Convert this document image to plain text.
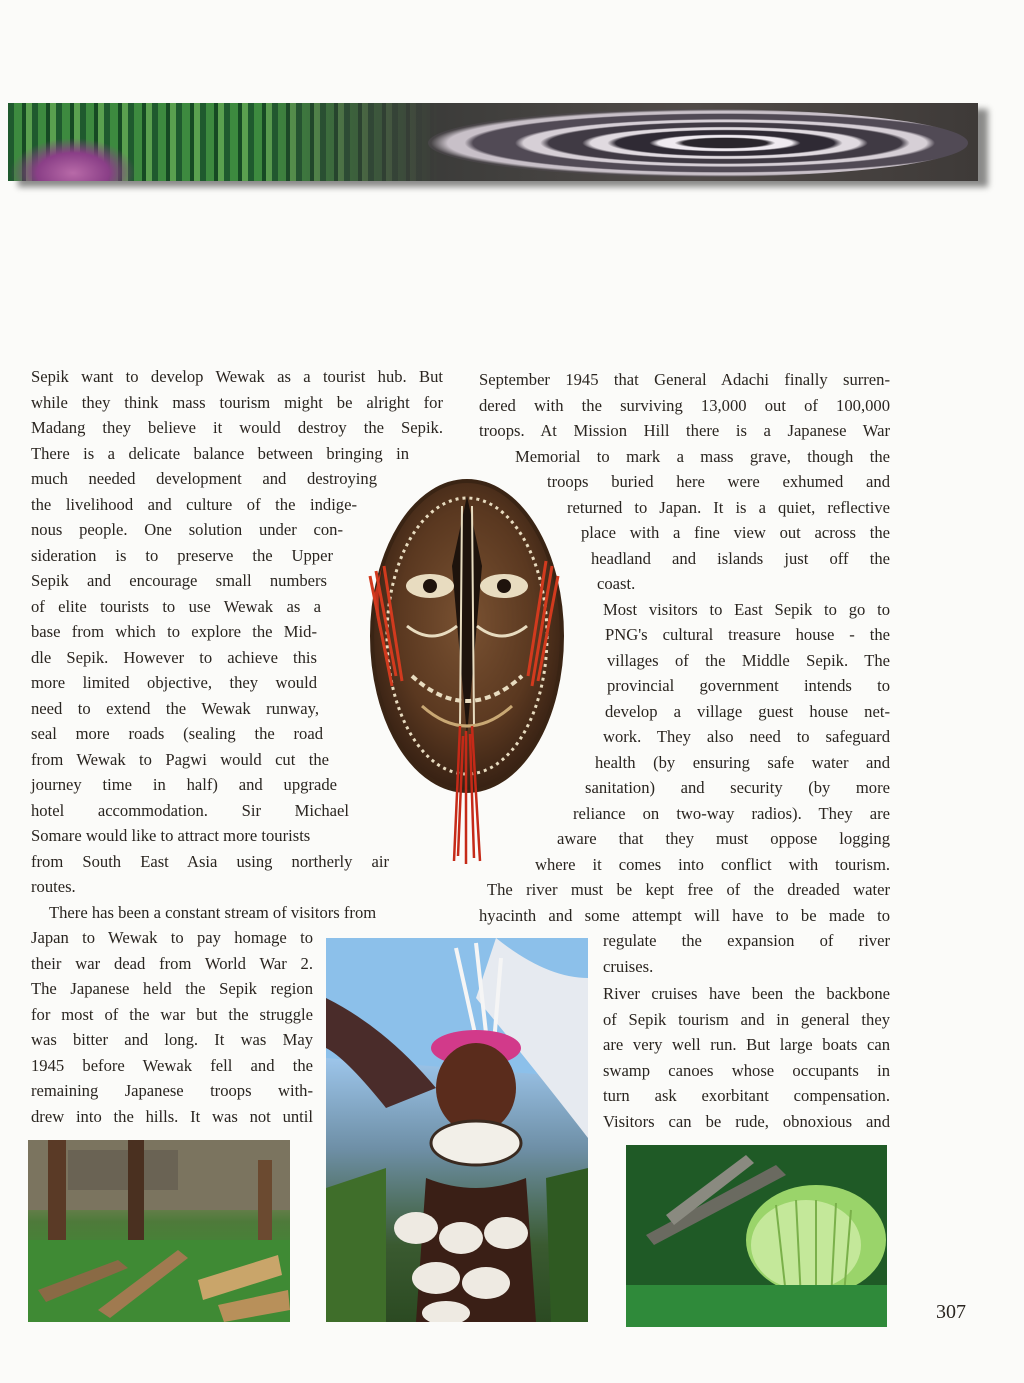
Sepik want to develop Wewak as a tourist hub. But
while they think mass tourism might be alright for
Madang they believe it would destroy the Sepik.
There is a delicate balance between bringing in
much needed development and destroying
the livelihood and culture of the indige-
nous people. One solution under con-
sideration is to preserve the Upper
Sepik and encourage small numbers
of elite tourists to use Wewak as a
base from which to explore the Mid-
dle Sepik. However to achieve this
more limited objective, they would
need to extend the Wewak runway,
seal more roads (sealing the road
from Wewak to Pagwi would cut the
journey time in half) and upgrade
hotel accommodation. Sir Michael
Somare would like to attract more tourists
from South East Asia using northerly air
routes.
There has been a constant stream of visitors from
Japan to Wewak to pay homage to
their war dead from World War 2.
The Japanese held the Sepik region
for most of the war but the struggle
was bitter and long. It was May
1945 before Wewak fell and the
remaining Japanese troops with-
drew into the hills. It was not until
September 1945 that General Adachi finally surren-
dered with the surviving 13,000 out of 100,000
troops. At Mission Hill there is a Japanese War
Memorial to mark a mass grave, though the
troops buried here were exhumed and
returned to Japan. It is a quiet, reflective
place with a fine view out across the
headland and islands just off the
coast.
Most visitors to East Sepik to go to
PNG's cultural treasure house - the
villages of the Middle Sepik. The
provincial government intends to
develop a village guest house net-
work. They also need to safeguard
health (by ensuring safe water and
sanitation) and security (by more
reliance on two-way radios). They are
aware that they must oppose logging
where it comes into conflict with tourism.
The river must be kept free of the dreaded water
hyacinth and some attempt will have to be made to
regulate the expansion of river
cruises.
River cruises have been the backbone
of Sepik tourism and in general they
are very well run. But large boats can
swamp canoes whose occupants in
turn ask exorbitant compensation.
Visitors can be rude, obnoxious and
307
